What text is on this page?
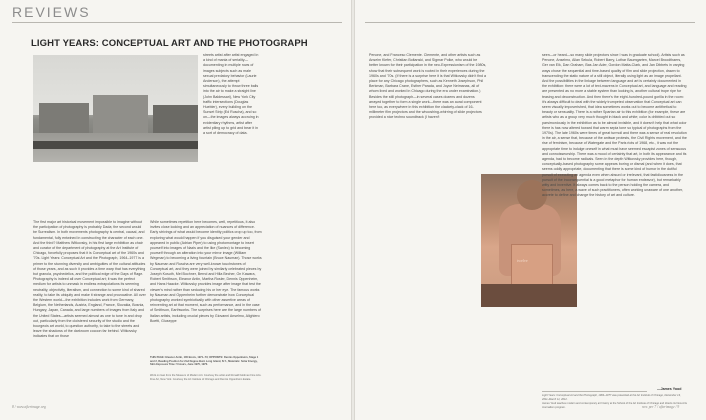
REVIEWS
LIGHT YEARS: CONCEPTUAL ART AND THE PHOTOGRAPH

streets artist after artist engaged in a kind of mania of seriality—documenting in multiple rows of images subjects such as male sexual predatory behavior (Laurie Anderson), the attempt simultaneously to throw three balls into the air to make a straight line (John Baldessari), New York City traffic intersections (Douglas Huebler), every building on the Sunset Strip (Ed Ruscha), and so on—the images always accruing in evidentiary rhythms, artist after artist piling up to grid and bear it in a sort of democracy of data.

The first major art historical movement impossible to imagine without the participation of photography is probably Dada; the second would be Surrealism. In both movements photography is central, causal, and fundamental, fully entwined in constructing the character of each one. And the third? Matthew Witkovsky, in his first large exhibition as chair and curator of the department of photography at the Art Institute of Chicago, forcefully proposes that it is Conceptual art of the 1960s and '70s. Light Years: Conceptual Art and the Photograph, 1964–1977 is a primer to the stunning diversity and ambiguities of the cultural attitudes of those years, and as such it provides a time warp that has everything but granola, psychedelics, and the political edge of the Days of Rage. Photography is indeed all over Conceptual art; it was the perfect medium for artists to unmask in endless extrapolations its seeming neutrality, objectivity, literalism, and connection to some kind of shared reality, to take its ubiquity and make it strange and provocative. All over the Western world—the exhibition includes work from Germany, Belgium, the Netherlands, Austria, England, France, Slovakia, Bosnia, Hungary, Japan, Canada, and large numbers of images from Italy and the United States—artists seemed almost as one to tune in and drop out, particularly from the cloistered security of the studio and the bourgeois art world, to question authority, to take to the streets and leave the shadows of the darkroom cocoon far behind. Witkovsky indicates that on those

While sometimes repetition here becomes, well, repetitious, it also invites close looking and an appreciation of nuances of difference. Early strivings of what would become identity politics crop up too, from exploring what would happen if you disguised your gender and appeared in public (Adrian Piper) to using photomontage to insert yourself into images of Nazis and the like (Sanlec) to becoming yourself through an alteration into your mirror image (William Wegman) to becoming a living fountain (Bruce Nauman). Those works by Nauman and Ruscha are very well-known touchstones of Conceptual art, and they were joined by similarly celebrated pieces by Joseph Kosuth, Mel Bochner, Bernd and Hilla Becher, On Kawara, Robert Smithson, Eleanor Antin, Martha Rosler, Dennis Oppenheim, and Hans Haacke. Witkovsky provides image after image that test the viewer's mind rather than seducing his or her eye. The famous works by Nauman and Oppenheim further demonstrate how Conceptual photography worked symbiotically with other assertive areas of reinventing art at that moment, such as performance, and in the case of Smithson, Earthworks. The surprises here are the large numbers of Italian artists, including crucial pieces by Giovanni Anselmo, Alighiero Boetti, Giuseppe

THIS PAGE: Eleanor Antin, 100 Boots, 1971–73; OPPOSITE: Dennis Oppenheim, Stage 1 and 2, Reading Position for 2nd Degree Burn Long Island, N.Y., Materials: Solar Energy, Skin Exposure Time: 5 Hours, June 1970, 1970.
Work on loan from the Museum of Modern Art. Courtesy the artist and Ronald Feldman Fine Arts. Fine Art, New York. Courtesy the Art Institute of Chicago and Dennis Oppenheim Estate.
8 / www.afterimage.org

Penone, and Franceso Clemente. Clemente, and other artists such as Anselm Kiefer, Christian Boltanski, and Sigmar Polke, who would be better known for their participation in the neo-Expressionism of the 1980s, show that their subsequent work is rooted in their experiences during the 1960s and '70s. (If there is a surprise here it is that Witkovsky didn't find a place for any Chicago photographers, such as Kenneth Josephson, Phil Berkman, Barbara Crane, Esther Parada, and Joyce Neimanas, all of whom lived and worked in Chicago during the era under examination.) Besides the still photograph—in several cases dozens and dozens arrayed together to form a single work—there was an aural component here too, as everywhere in this exhibition the clackety-clack of 16-millimeter film projectors and the whooshing-whirring of slide projectors provided a nice techno soundtrack (I haven't

twelve

seen—or heard—so many slide projectors since I was in graduate school). Artists such as Penone, Anselmo, Allan Sekula, Robert Barry, Lothar Baumgarten, Marcel Broodthaers, Ger van Elk, Dan Graham, Bas Jan Ader, Gordon Matta-Clark, and Jan Dibbets in varying ways chose the sequential and time-based quality of film and slide projection, drawn to transcending the static nature of a still object, literally using light as an image propellant. And the possibilities in the linkage between language and art is certainly documented in the exhibition: there were a lot of text-mavens in Conceptual art, and language and reading are presented as no more a stable system than looking is, another cultural trope ripe for teasing and deconstruction. And then there's the eight-hundred-pound gorilla in the room: it's always difficult to deal with the widely trumpeted observation that Conceptual art can seem visually impoverished, that idea sometimes works out to become antithetical to beauty or sensuality. There is a rather Spartan air to this exhibition (for example, these are artists who as a group very much thought in black and white; color is dribbled out so parsimoniously in the exhibition as to be almost invisible, and it doesn't help that what color there is has now altered toward that warm sepia tone so typical of photographs from the 1970s). The late 1960s were times of great turmoil and there was a sense of real revolution in the air, a sense that, because of the antiwar protests, the Civil Rights movement, and the rise of feminism, because of Watergate and the Paris riots of 1968, etc., it was not the appropriate time to indulge oneself in what must have seemed escapist zones of sensuous and connoisseurship. There was a mood of certainty that art, in both its appearance and its agenda, had to become radicals. Seen in the depth Witkovsky provides here, though, conceptually-based photography some appears boring or dismal (and when it does, that seems oddly appropriate, documenting that there is some kind of humor in the dutiful pursuit of executing an agenda even when absurd or irrelevant, that fastidiousness in the pursuit of the inconsequential is a good metaphor for human endeavor), but remarkably witty and inventive. It always comes back to the person holding the camera, and sometimes, as here, a wave of such practitioners, often working unaware of one another, accrete to define and change the history of art and culture.

—James Yood
Light Years: Conceptual Art and the Photograph, 1964–1977 was presented at the Art Institute of Chicago, December 13, 2011–March 11, 2012.
James Yood teaches modern and contemporary art history at the School of the Art Institute of Chicago and directs its New Arts Journalism program.	nov. per 7 / afterimage / 9
